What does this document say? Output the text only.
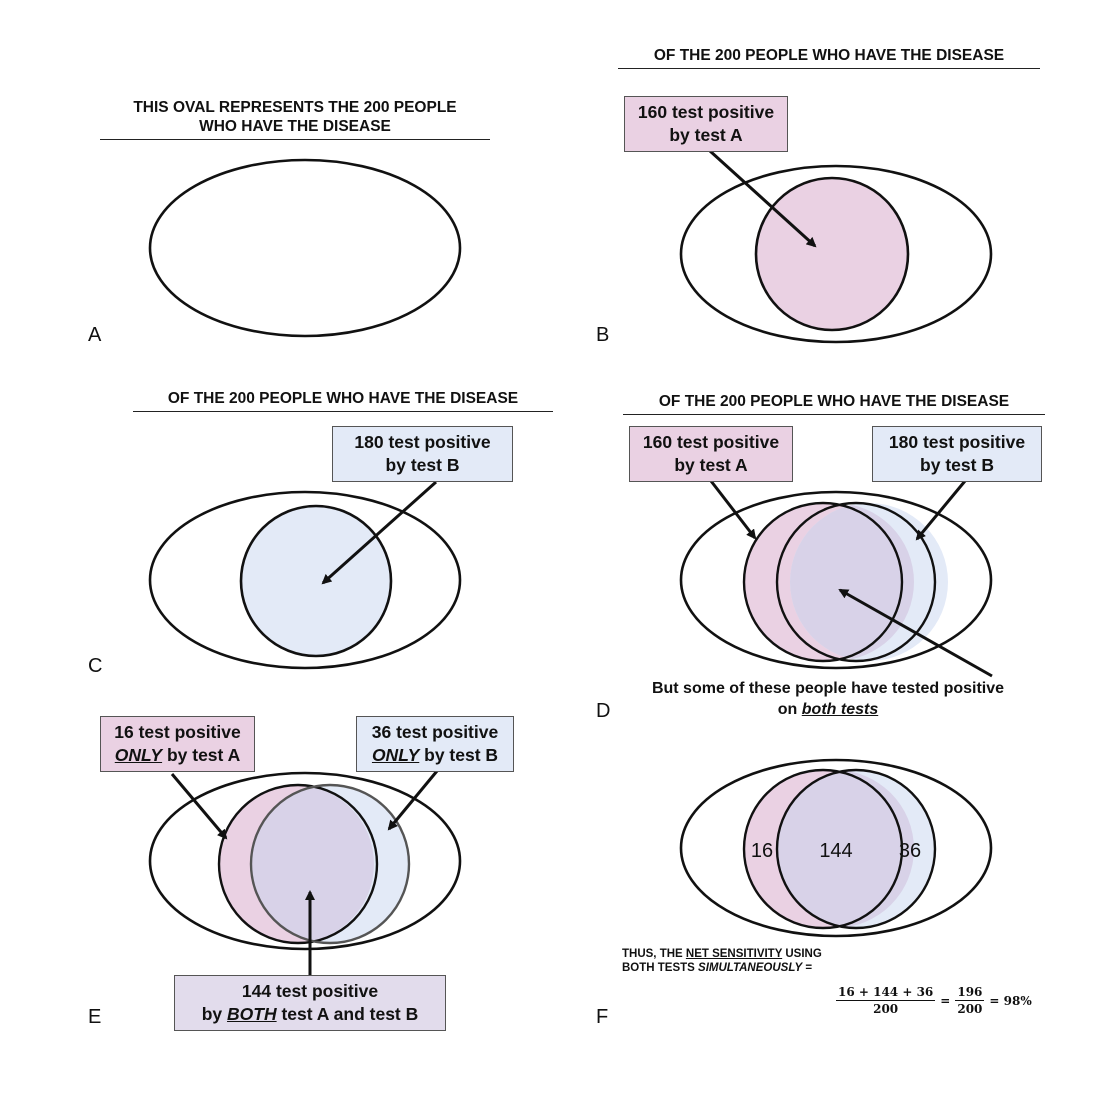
16 144 36
THIS OVAL REPRESENTS THE 200 PEOPLE
WHO HAVE THE DISEASE
A
OF THE 200 PEOPLE WHO HAVE THE DISEASE
160 test positive
by test A
B
OF THE 200 PEOPLE WHO HAVE THE DISEASE
180 test positive
by test B
C
OF THE 200 PEOPLE WHO HAVE THE DISEASE
160 test positive
by test A
180 test positive
by test B
But some of these people have tested positive
on both tests
D
16 test positive
ONLY by test A
36 test positive
ONLY by test B
144 test positive
by BOTH test A and test B
E
THUS, THE NET SENSITIVITY USING
BOTH TESTS SIMULTANEOUSLY =
$\frac{16 + 144 + 36}{200} = \frac{196}{200} = 98\%$
F
